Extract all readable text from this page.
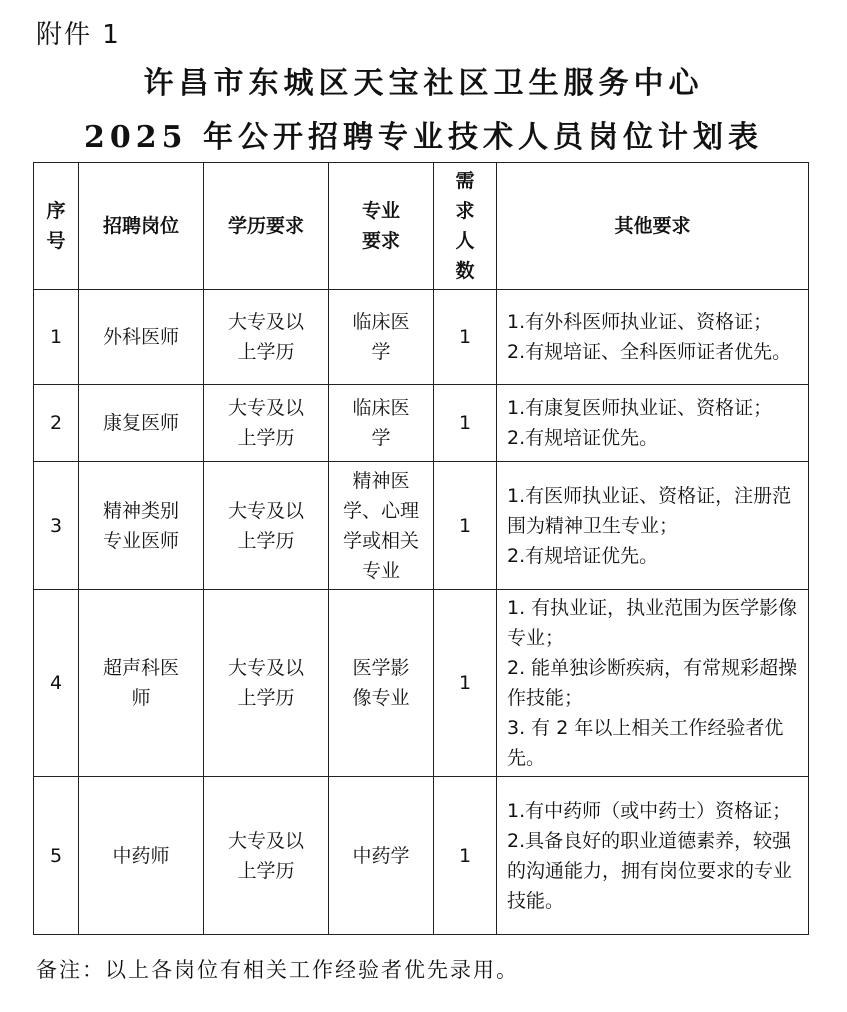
附件 1
许昌市东城区天宝社区卫生服务中心
2025 年公开招聘专业技术人员岗位计划表
序号	招聘岗位	学历要求	专业要求	需求人数	其他要求
1	外科医师	大专及以上学历	临床医学	1	1.有外科医师执业证、资格证；
2.有规培证、全科医师证者优先。

2	康复医师	大专及以上学历	临床医学	1	1.有康复医师执业证、资格证；
2.有规培证优先。

3	精神类别专业医师	大专及以上学历	精神医学、心理学或相关专业	1	1.有医师执业证、资格证，注册范围为精神卫生专业；
2.有规培证优先。

4	超声科医师	大专及以上学历	医学影像专业	1	1. 有执业证，执业范围为医学影像专业；
2. 能单独诊断疾病，有常规彩超操作技能；
3. 有 2 年以上相关工作经验者优先。

5	中药师	大专及以上学历	中药学	1	1.有中药师（或中药士）资格证；
2.具备良好的职业道德素养，较强的沟通能力，拥有岗位要求的专业技能。
备注：以上各岗位有相关工作经验者优先录用。
